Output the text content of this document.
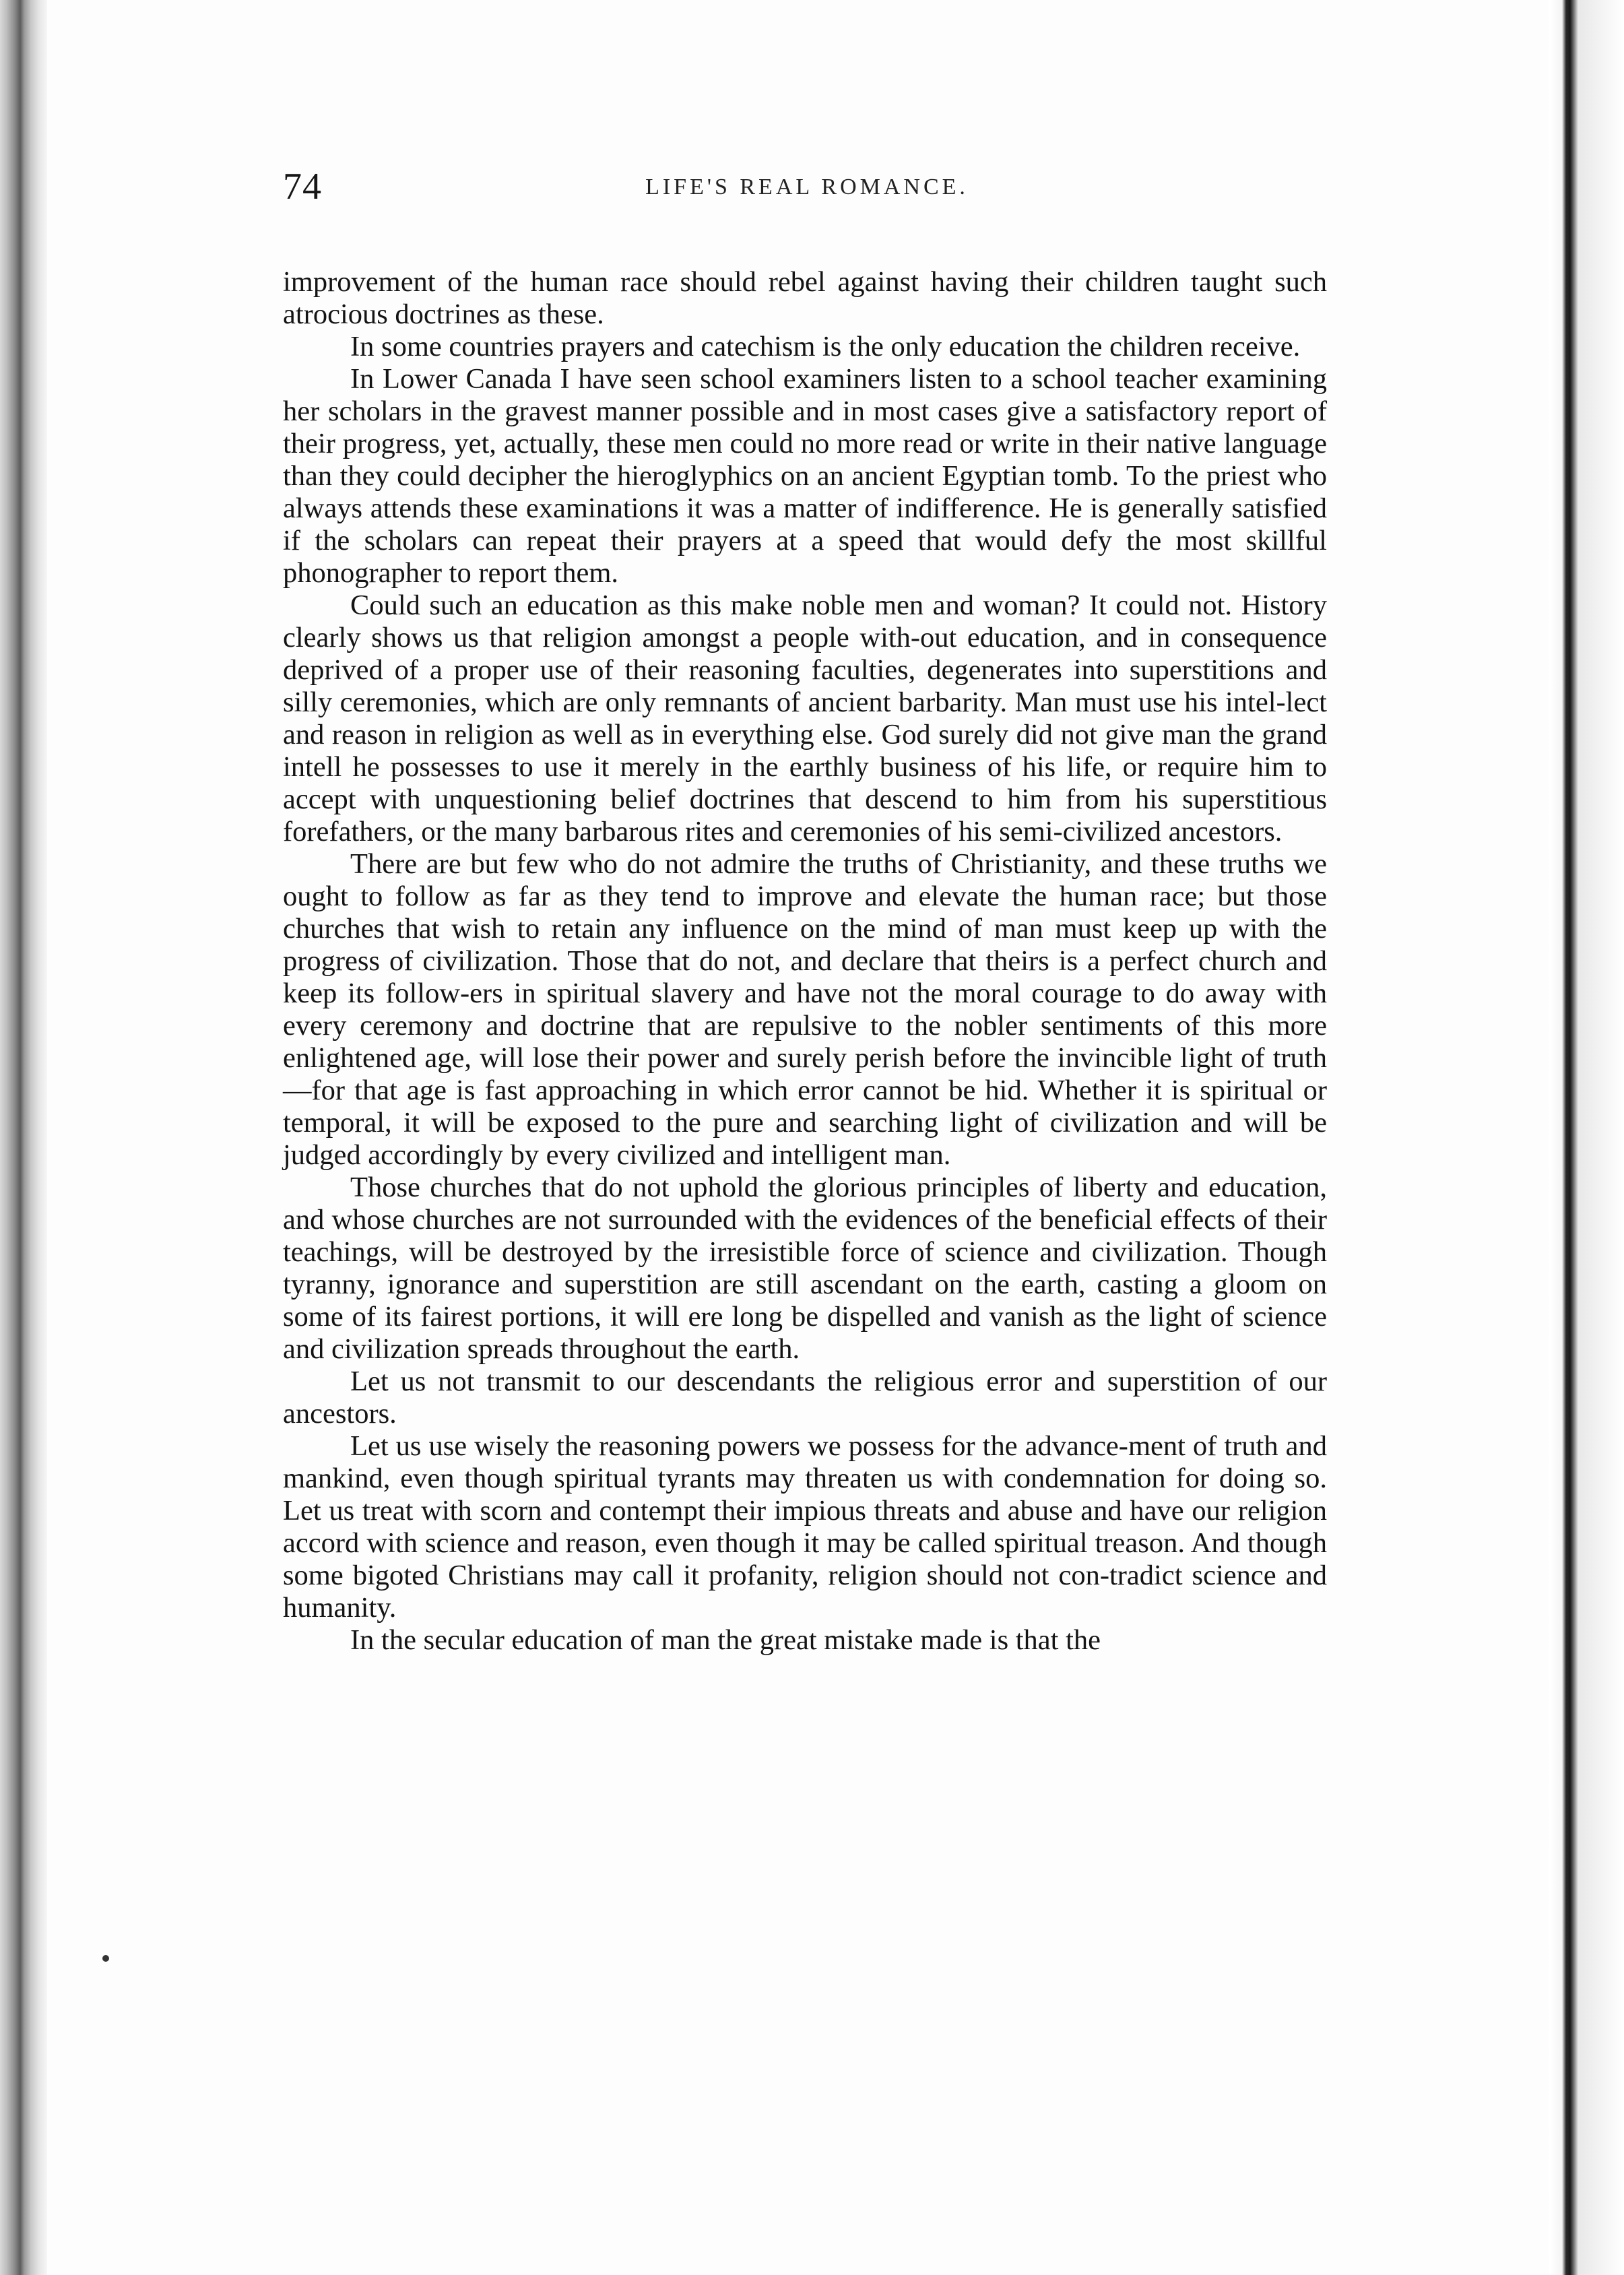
74	LIFE'S REAL ROMANCE.

improvement of the human race should rebel against having their children taught such atrocious doctrines as these.

In some countries prayers and catechism is the only education the children receive.

In Lower Canada I have seen school examiners listen to a school teacher examining her scholars in the gravest manner possible and in most cases give a satisfactory report of their progress, yet, actually, these men could no more read or write in their native language than they could decipher the hieroglyphics on an ancient Egyptian tomb. To the priest who always attends these examinations it was a matter of indifference. He is generally satisfied if the scholars can repeat their prayers at a speed that would defy the most skillful phonographer to report them.

Could such an education as this make noble men and woman? It could not. History clearly shows us that religion amongst a people with-out education, and in consequence deprived of a proper use of their reasoning faculties, degenerates into superstitions and silly ceremonies, which are only remnants of ancient barbarity. Man must use his intel-lect and reason in religion as well as in everything else. God surely did not give man the grand intell he possesses to use it merely in the earthly business of his life, or require him to accept with unquestioning belief doctrines that descend to him from his superstitious forefathers, or the many barbarous rites and ceremonies of his semi-civilized ancestors.

There are but few who do not admire the truths of Christianity, and these truths we ought to follow as far as they tend to improve and elevate the human race; but those churches that wish to retain any influence on the mind of man must keep up with the progress of civilization. Those that do not, and declare that theirs is a perfect church and keep its follow-ers in spiritual slavery and have not the moral courage to do away with every ceremony and doctrine that are repulsive to the nobler sentiments of this more enlightened age, will lose their power and surely perish before the invincible light of truth—for that age is fast approaching in which error cannot be hid. Whether it is spiritual or temporal, it will be exposed to the pure and searching light of civilization and will be judged accordingly by every civilized and intelligent man.

Those churches that do not uphold the glorious principles of liberty and education, and whose churches are not surrounded with the evidences of the beneficial effects of their teachings, will be destroyed by the irresistible force of science and civilization. Though tyranny, ignorance and superstition are still ascendant on the earth, casting a gloom on some of its fairest portions, it will ere long be dispelled and vanish as the light of science and civilization spreads throughout the earth.

Let us not transmit to our descendants the religious error and superstition of our ancestors.

Let us use wisely the reasoning powers we possess for the advance-ment of truth and mankind, even though spiritual tyrants may threaten us with condemnation for doing so. Let us treat with scorn and contempt their impious threats and abuse and have our religion accord with science and reason, even though it may be called spiritual treason. And though some bigoted Christians may call it profanity, religion should not con-tradict science and humanity.

In the secular education of man the great mistake made is that the
